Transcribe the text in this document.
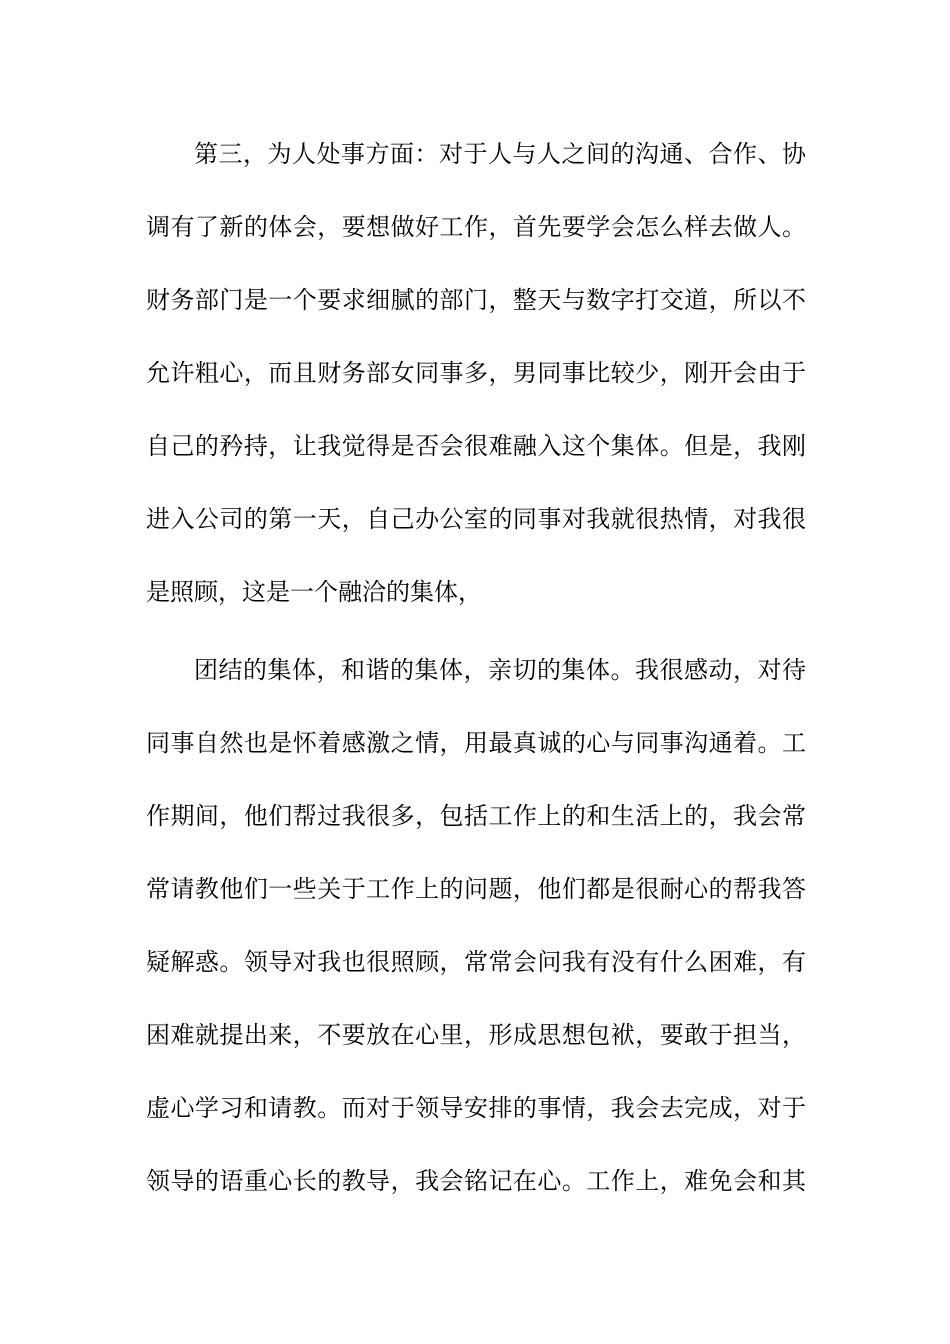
第三，为人处事方面：对于人与人之间的沟通、合作、协
调有了新的体会，要想做好工作，首先要学会怎么样去做人。
财务部门是一个要求细腻的部门，整天与数字打交道，所以不
允许粗心，而且财务部女同事多，男同事比较少，刚开会由于
自己的矜持，让我觉得是否会很难融入这个集体。但是，我刚
进入公司的第一天，自己办公室的同事对我就很热情，对我很
是照顾，这是一个融洽的集体，
团结的集体，和谐的集体，亲切的集体。我很感动，对待
同事自然也是怀着感激之情，用最真诚的心与同事沟通着。工
作期间，他们帮过我很多，包括工作上的和生活上的，我会常
常请教他们一些关于工作上的问题，他们都是很耐心的帮我答
疑解惑。领导对我也很照顾，常常会问我有没有什么困难，有
困难就提出来，不要放在心里，形成思想包袱，要敢于担当，
虚心学习和请教。而对于领导安排的事情，我会去完成，对于
领导的语重心长的教导，我会铭记在心。工作上，难免会和其
